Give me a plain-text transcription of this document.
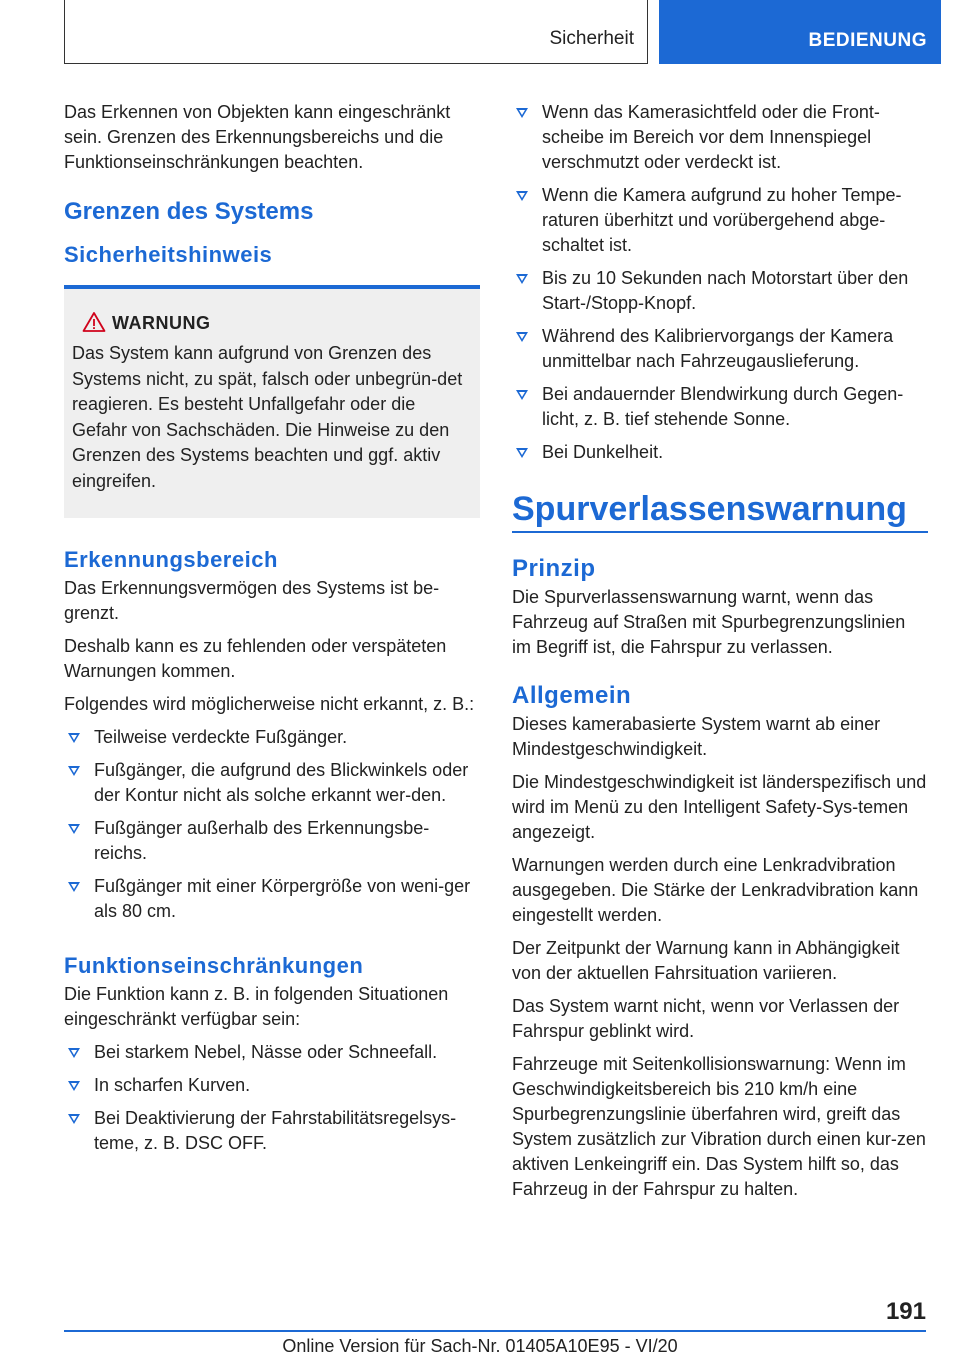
Sicherheit	BEDIENUNG

Das Erkennen von Objekten kann eingeschränkt sein. Grenzen des Erkennungsbereichs und die Funktionseinschränkungen beachten.

Grenzen des Systems
Sicherheitshinweis
WARNUNG

Das System kann aufgrund von Grenzen des Systems nicht, zu spät, falsch oder unbegrün-det reagieren. Es besteht Unfallgefahr oder die Gefahr von Sachschäden. Die Hinweise zu den Grenzen des Systems beachten und ggf. aktiv eingreifen.

Erkennungsbereich

Das Erkennungsvermögen des Systems ist be-grenzt.

Deshalb kann es zu fehlenden oder verspäteten Warnungen kommen.

Folgendes wird möglicherweise nicht erkannt, z. B.:

Teilweise verdeckte Fußgänger.
Fußgänger, die aufgrund des Blickwinkels oder der Kontur nicht als solche erkannt wer-den.
Fußgänger außerhalb des Erkennungsbe-reichs.
Fußgänger mit einer Körpergröße von weni-ger als 80 cm.
Funktionseinschränkungen

Die Funktion kann z. B. in folgenden Situationen eingeschränkt verfügbar sein:

Bei starkem Nebel, Nässe oder Schneefall.
In scharfen Kurven.
Bei Deaktivierung der Fahrstabilitätsregelsys-teme, z. B. DSC OFF.
Wenn das Kamerasichtfeld oder die Front-scheibe im Bereich vor dem Innenspiegel verschmutzt oder verdeckt ist.
Wenn die Kamera aufgrund zu hoher Tempe-raturen überhitzt und vorübergehend abge-schaltet ist.
Bis zu 10 Sekunden nach Motorstart über den Start-/Stopp-Knopf.
Während des Kalibriervorgangs der Kamera unmittelbar nach Fahrzeugauslieferung.
Bei andauernder Blendwirkung durch Gegen-licht, z. B. tief stehende Sonne.
Bei Dunkelheit.
Spurverlassenswarnung
Prinzip

Die Spurverlassenswarnung warnt, wenn das Fahrzeug auf Straßen mit Spurbegrenzungslinien im Begriff ist, die Fahrspur zu verlassen.

Allgemein

Dieses kamerabasierte System warnt ab einer Mindestgeschwindigkeit.

Die Mindestgeschwindigkeit ist länderspezifisch und wird im Menü zu den Intelligent Safety-Sys-temen angezeigt.

Warnungen werden durch eine Lenkradvibration ausgegeben. Die Stärke der Lenkradvibration kann eingestellt werden.

Der Zeitpunkt der Warnung kann in Abhängigkeit von der aktuellen Fahrsituation variieren.

Das System warnt nicht, wenn vor Verlassen der Fahrspur geblinkt wird.

Fahrzeuge mit Seitenkollisionswarnung: Wenn im Geschwindigkeitsbereich bis 210 km/h eine Spurbegrenzungslinie überfahren wird, greift das System zusätzlich zur Vibration durch einen kur-zen aktiven Lenkeingriff ein. Das System hilft so, das Fahrzeug in der Fahrspur zu halten.

191
Online Version für Sach-Nr. 01405A10E95 - VI/20
